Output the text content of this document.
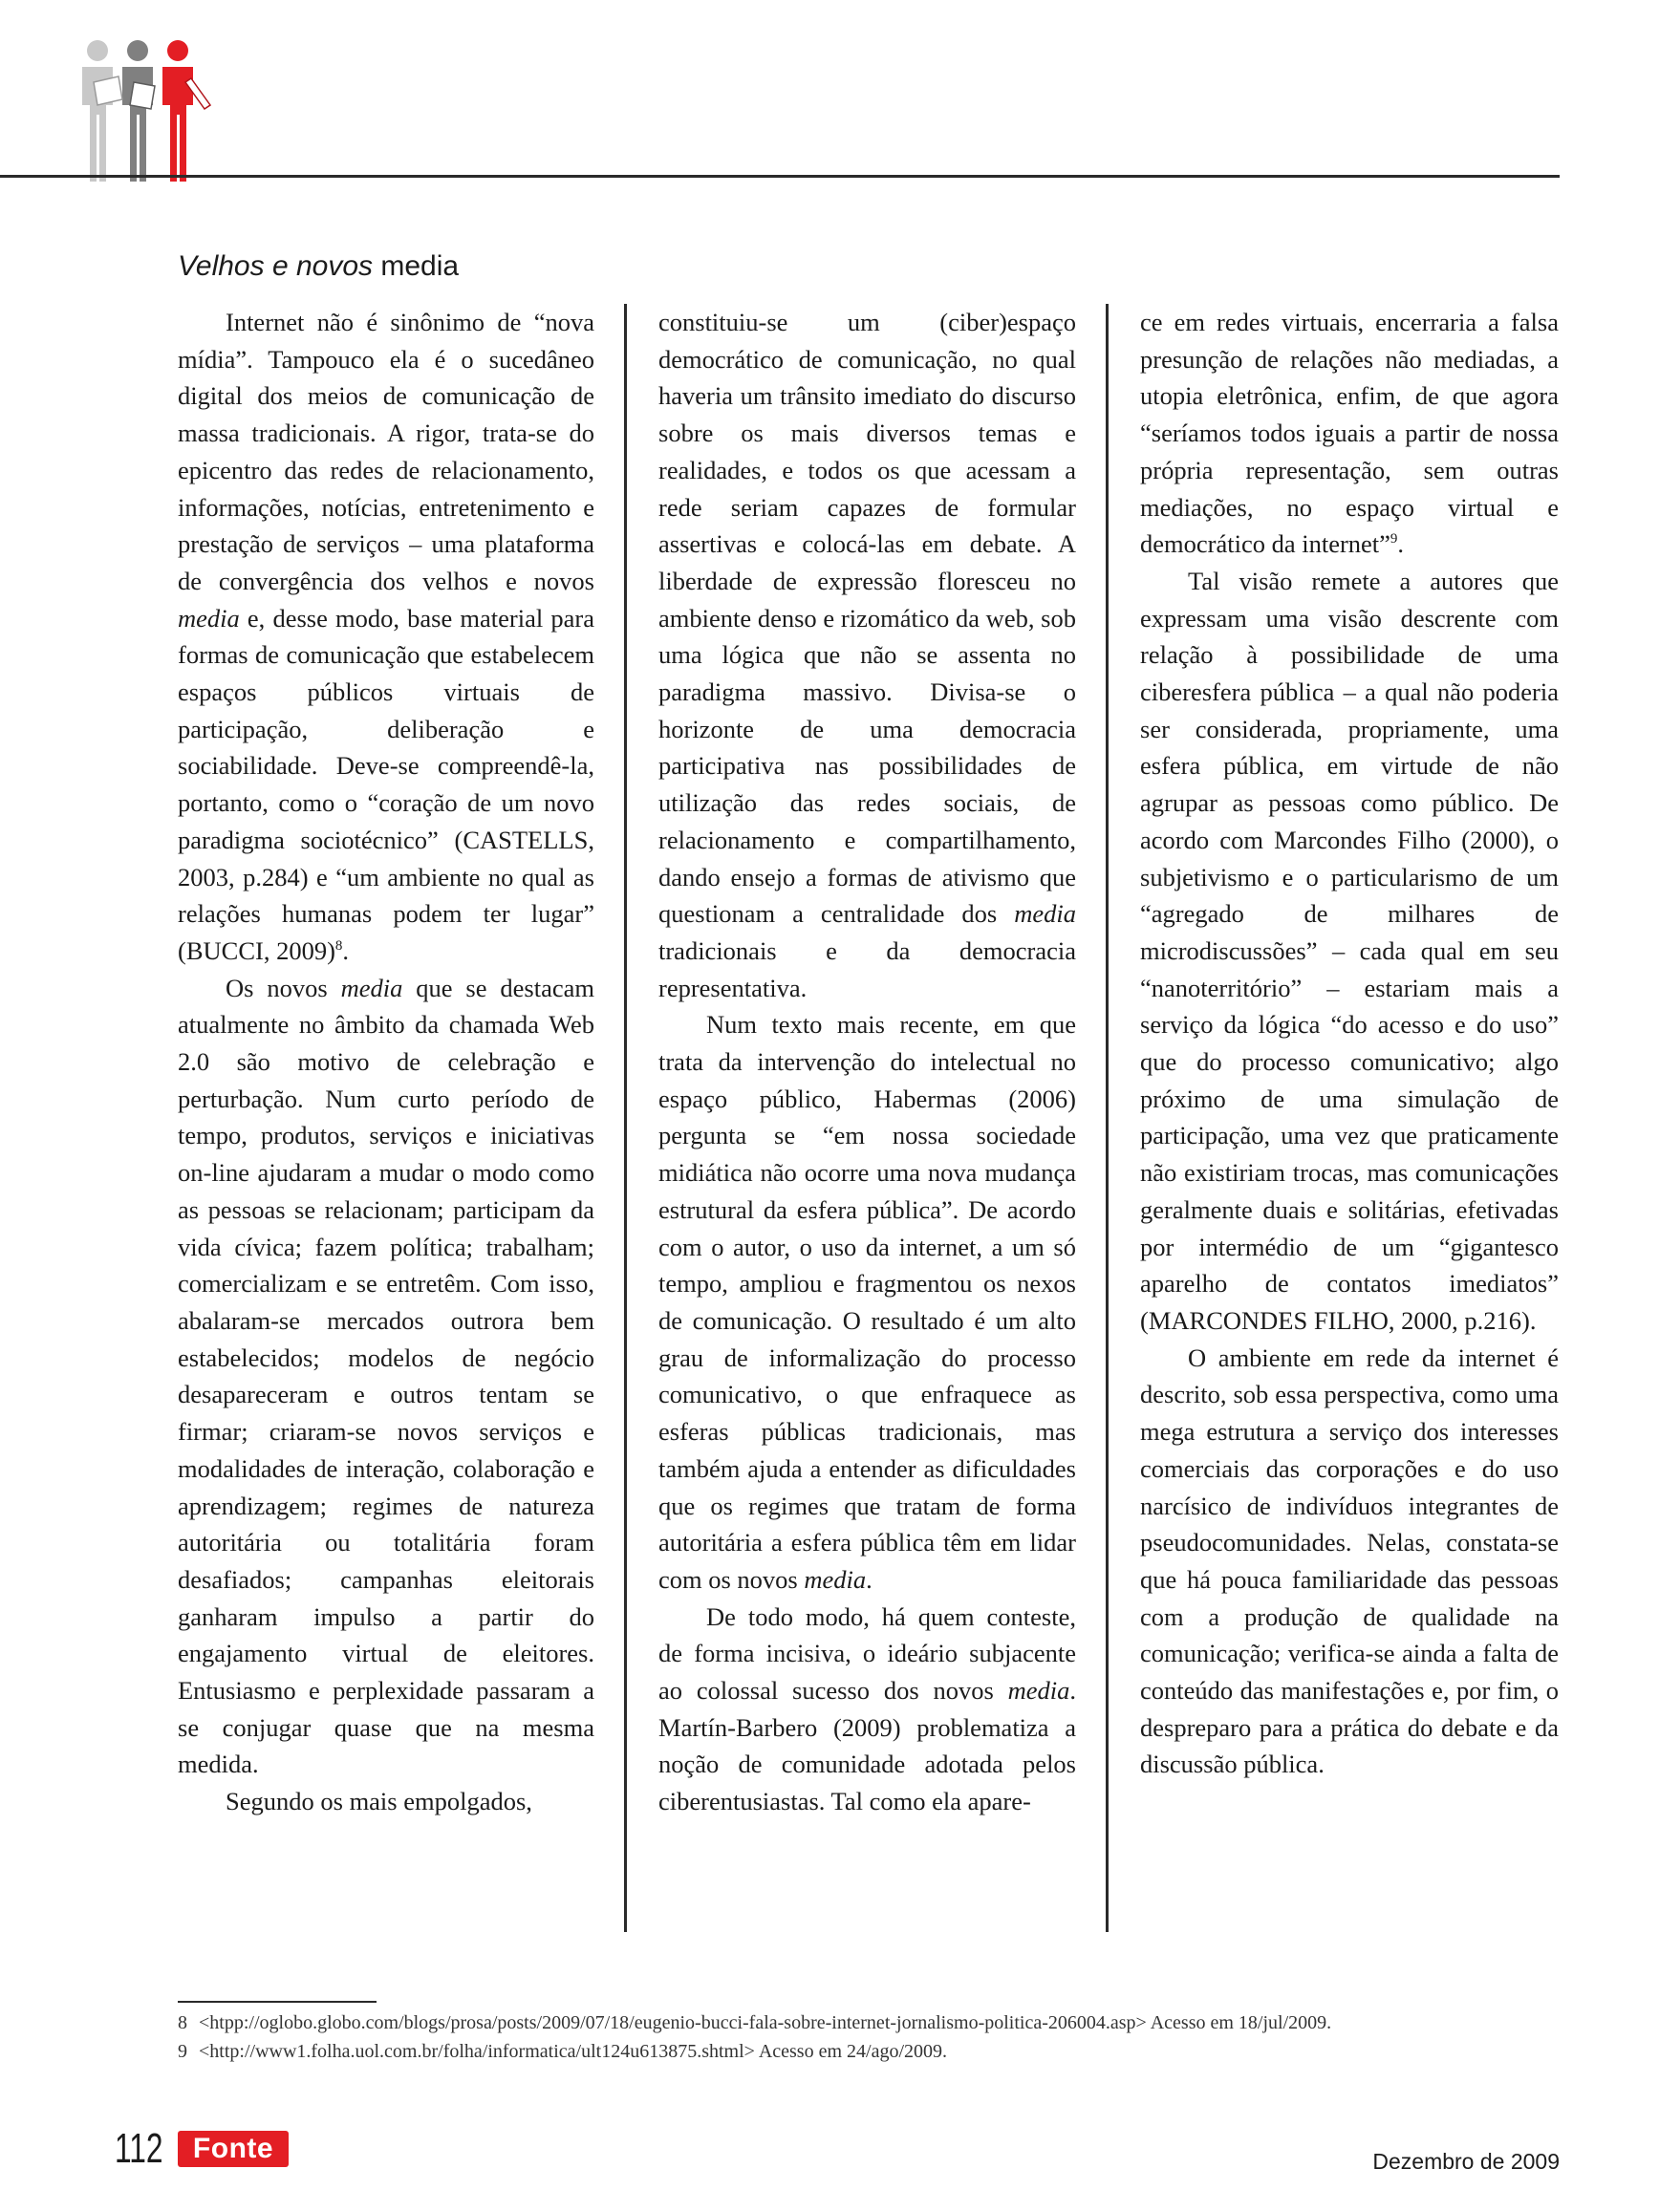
Velhos e novos media

Internet não é sinônimo de “nova mídia”. Tampouco ela é o sucedâneo digital dos meios de comunicação de massa tradicionais. A rigor, trata-se do epicentro das redes de relacionamento, informações, notícias, entretenimento e prestação de serviços – uma plataforma de convergência dos velhos e novos media e, desse modo, base material para formas de comunicação que estabelecem espaços públicos virtuais de participação, deliberação e sociabilidade. Deve-se compreendê-la, portanto, como o “coração de um novo paradigma sociotécnico” (CASTELLS, 2003, p.284) e “um ambiente no qual as relações humanas podem ter lugar” (BUCCI, 2009)$^8$.

Os novos media que se destacam atualmente no âmbito da chamada Web 2.0 são motivo de celebração e perturbação. Num curto período de tempo, produtos, serviços e iniciativas on-line ajudaram a mudar o modo como as pessoas se relacionam; participam da vida cívica; fazem política; trabalham; comercializam e se entretêm. Com isso, abalaram-se mercados outrora bem estabelecidos; modelos de negócio desapareceram e outros tentam se firmar; criaram-se novos serviços e modalidades de interação, colaboração e aprendizagem; regimes de natureza autoritária ou totalitária foram desafiados; campanhas eleitorais ganharam impulso a partir do engajamento virtual de eleitores. Entusiasmo e perplexidade passaram a se conjugar quase que na mesma medida.

Segundo os mais empolgados,

constituiu-se um (ciber)espaço democrático de comunicação, no qual haveria um trânsito imediato do discurso sobre os mais diversos temas e realidades, e todos os que acessam a rede seriam capazes de formular assertivas e colocá-las em debate. A liberdade de expressão floresceu no ambiente denso e rizomático da web, sob uma lógica que não se assenta no paradigma massivo. Divisa-se o horizonte de uma democracia participativa nas possibilidades de utilização das redes sociais, de relacionamento e compartilhamento, dando ensejo a formas de ativismo que questionam a centralidade dos media tradicionais e da democracia representativa.

Num texto mais recente, em que trata da intervenção do intelectual no espaço público, Habermas (2006) pergunta se “em nossa sociedade midiática não ocorre uma nova mudança estrutural da esfera pública”. De acordo com o autor, o uso da internet, a um só tempo, ampliou e fragmentou os nexos de comunicação. O resultado é um alto grau de informalização do processo comunicativo, o que enfraquece as esferas públicas tradicionais, mas também ajuda a entender as dificuldades que os regimes que tratam de forma autoritária a esfera pública têm em lidar com os novos media.

De todo modo, há quem conteste, de forma incisiva, o ideário subjacente ao colossal sucesso dos novos media. Martín-Barbero (2009) problematiza a noção de comunidade adotada pelos ciberentusiastas. Tal como ela apare-

ce em redes virtuais, encerraria a falsa presunção de relações não mediadas, a utopia eletrônica, enfim, de que agora “seríamos todos iguais a partir de nossa própria representação, sem outras mediações, no espaço virtual e democrático da internet”$^9$.

Tal visão remete a autores que expressam uma visão descrente com relação à possibilidade de uma ciberesfera pública – a qual não poderia ser considerada, propriamente, uma esfera pública, em virtude de não agrupar as pessoas como público. De acordo com Marcondes Filho (2000), o subjetivismo e o particularismo de um “agregado de milhares de microdiscussões” – cada qual em seu “nanoterritório” – estariam mais a serviço da lógica “do acesso e do uso” que do processo comunicativo; algo próximo de uma simulação de participação, uma vez que praticamente não existiriam trocas, mas comunicações geralmente duais e solitárias, efetivadas por intermédio de um “gigantesco aparelho de contatos imediatos” (MARCONDES FILHO, 2000, p.216).

O ambiente em rede da internet é descrito, sob essa perspectiva, como uma mega estrutura a serviço dos interesses comerciais das corporações e do uso narcísico de indivíduos integrantes de pseudocomunidades. Nelas, constata-se que há pouca familiaridade das pessoas com a produção de qualidade na comunicação; verifica-se ainda a falta de conteúdo das manifestações e, por fim, o despreparo para a prática do debate e da discussão pública.

8 <htpp://oglobo.globo.com/blogs/prosa/posts/2009/07/18/eugenio-bucci-fala-sobre-internet-jornalismo-politica-206004.asp> Acesso em 18/jul/2009.
9 <http://www1.folha.uol.com.br/folha/informatica/ult124u613875.shtml> Acesso em 24/ago/2009.
112	Fonte	Dezembro de 2009
